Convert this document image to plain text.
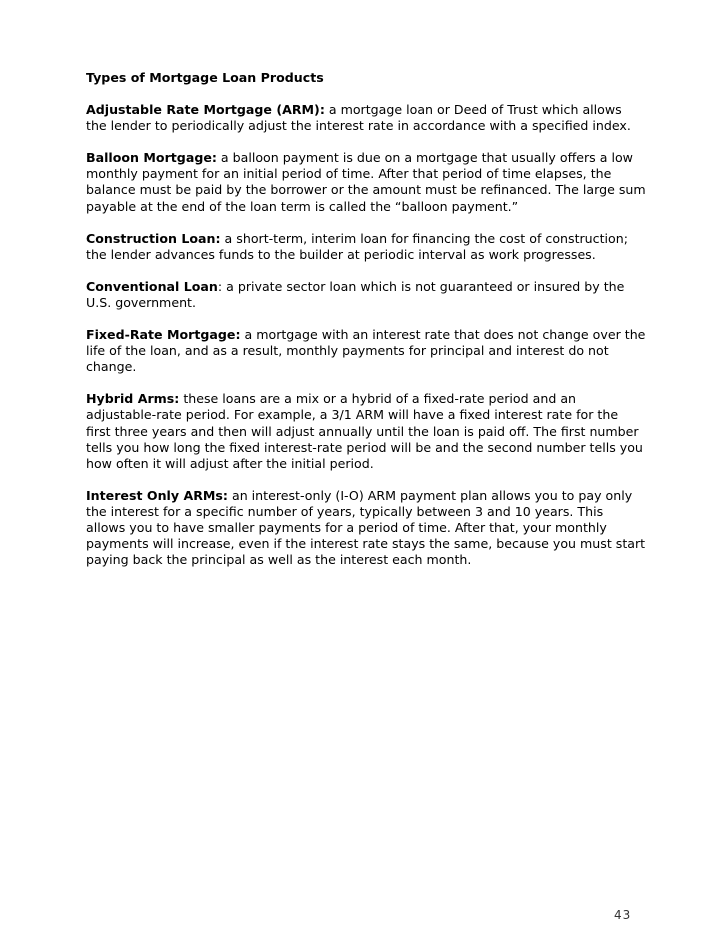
Types of Mortgage Loan Products
Adjustable Rate Mortgage (ARM): a mortgage loan or Deed of Trust which allows the lender to periodically adjust the interest rate in accordance with a specified index.
Balloon Mortgage: a balloon payment is due on a mortgage that usually offers a low monthly payment for an initial period of time. After that period of time elapses, the balance must be paid by the borrower or the amount must be refinanced. The large sum payable at the end of the loan term is called the “balloon payment.”
Construction Loan: a short-term, interim loan for financing the cost of construction; the lender advances funds to the builder at periodic interval as work progresses.
Conventional Loan: a private sector loan which is not guaranteed or insured by the U.S. government.
Fixed-Rate Mortgage: a mortgage with an interest rate that does not change over the life of the loan, and as a result, monthly payments for principal and interest do not change.
Hybrid Arms: these loans are a mix or a hybrid of a fixed-rate period and an adjustable-rate period. For example, a 3/1 ARM will have a fixed interest rate for the first three years and then will adjust annually until the loan is paid off. The first number tells you how long the fixed interest-rate period will be and the second number tells you how often it will adjust after the initial period.
Interest Only ARMs: an interest-only (I-O) ARM payment plan allows you to pay only the interest for a specific number of years, typically between 3 and 10 years. This allows you to have smaller payments for a period of time. After that, your monthly payments will increase, even if the interest rate stays the same, because you must start paying back the principal as well as the interest each month.
43
